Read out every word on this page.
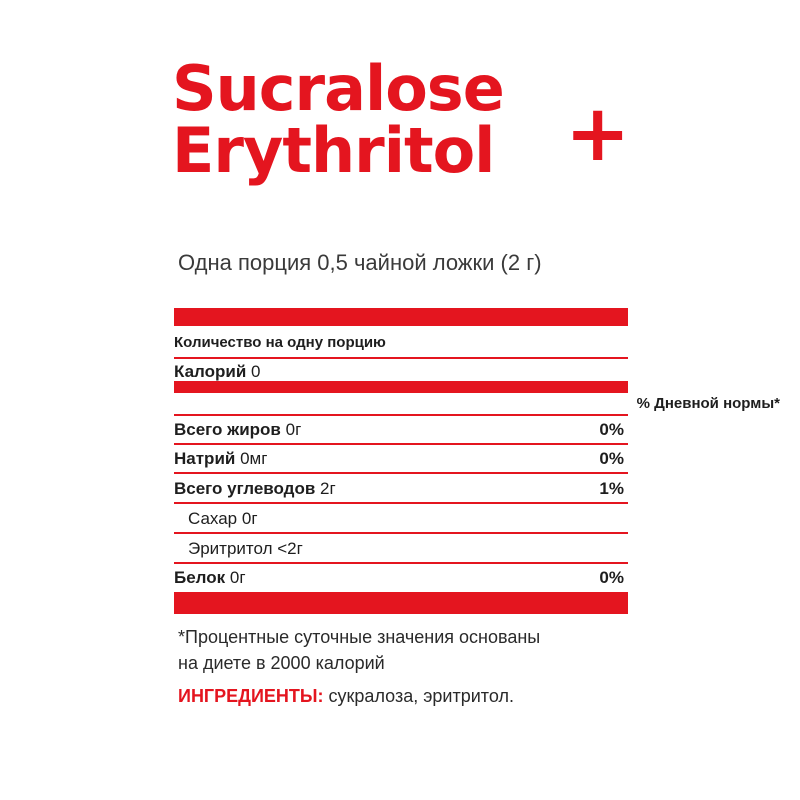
Sucralose
Erythritol +
Одна порция 0,5 чайной ложки (2 г)
Количество на одну порцию
Калорий 0
% Дневной нормы*
Всего жиров 0г	0%
Натрий 0мг	0%
Всего углеводов 2г	1%
Сахар 0г
Эритритол <2г
Белок 0г	0%
*Процентные суточные значения основаны
на диете в 2000 калорий
ИНГРЕДИЕНТЫ: сукралоза, эритритол.
